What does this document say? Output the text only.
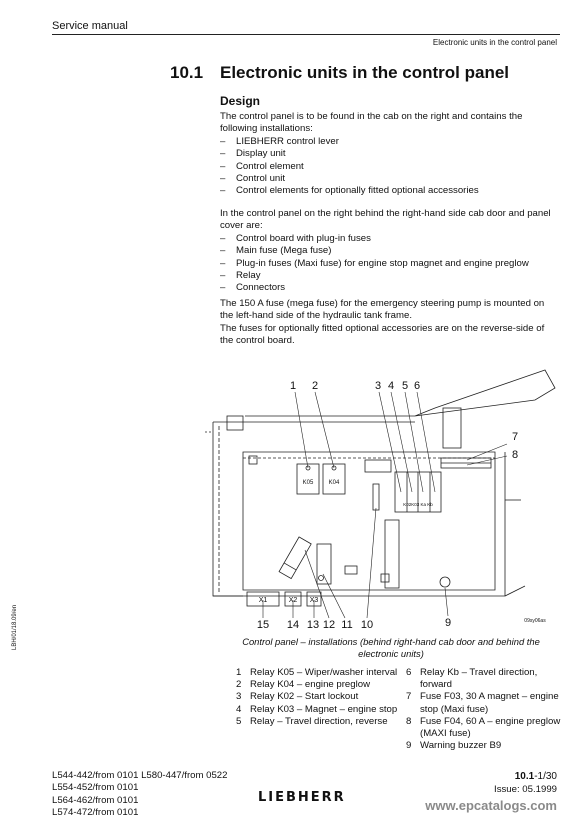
Service manual
Electronic units in the control panel
10.1 Electronic units in the control panel
Design

The control panel is to be found in the cab on the right and contains the following installations:

– LIEBHERR control lever
– Display unit
– Control element
– Control unit
– Control elements for optionally fitted optional accessories

In the control panel on the right behind the right-hand side cab door and panel cover are:

– Control board with plug-in fuses
– Main fuse (Mega fuse)
– Plug-in fuses (Maxi fuse) for engine stop magnet and engine preglow
– Relay
– Connectors

The 150 A fuse (mega fuse) for the emergency steering pump is mounted on the left-hand side of the hydraulic tank frame.

The fuses for optionally fitted optional accessories are on the reverse-side of the control board.

1 2	3 4 5 6
7
8
15 14 13 12 11 10	9
K05	K04
K02K03 Ka Kb
X1	X2 X3
09sy06as
Control panel – installations (behind right-hand cab door and behind the electronic units)
1 Relay K05 – Wiper/washer interval
2 Relay K04 – engine preglow
3 Relay K02 – Start lockout
4 Relay K03 – Magnet – engine stop
5 Relay – Travel direction, reverse
6 Relay Kb – Travel direction, forward
7 Fuse F03, 30 A magnet – engine stop (Maxi fuse)
8 Fuse F04, 60 A – engine preglow (MAXI fuse)
9 Warning buzzer B9
LBH/01/18.09/en
L544-442/from 0101 L580-447/from 0522
L554-452/from 0101
L564-462/from 0101
L574-472/from 0101
LIEBHERR
10.1-1/30
Issue: 05.1999
www.epcatalogs.com
